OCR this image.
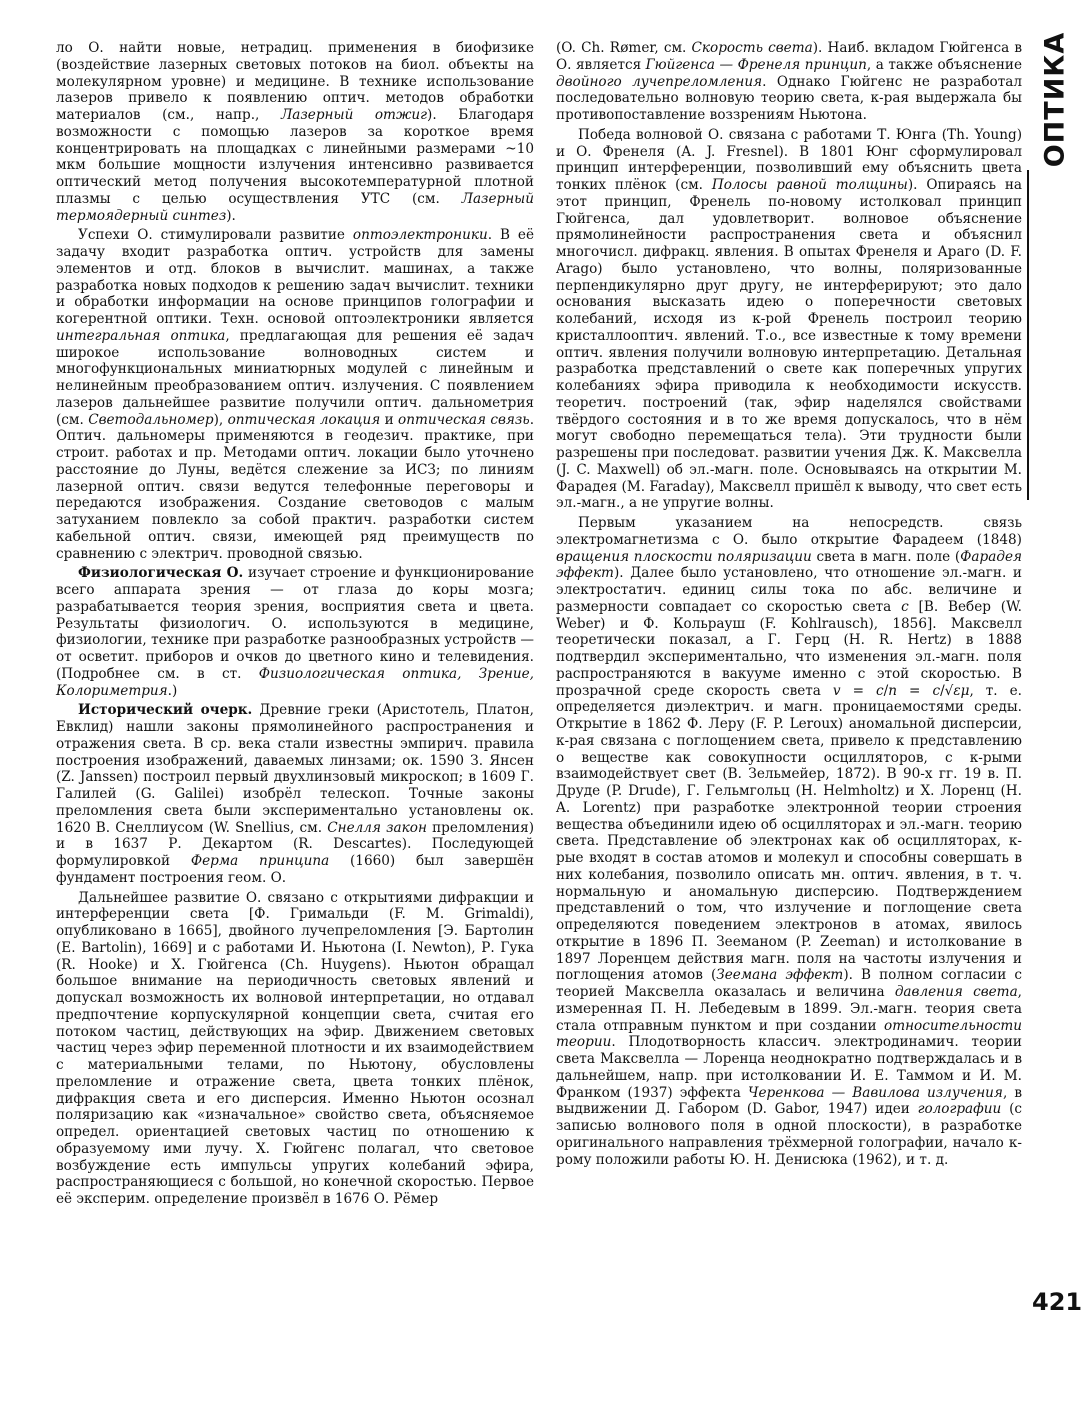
ОПТИКА

ло О. найти новые, нетрадиц. применения в биофизике (воздействие лазерных световых потоков на биол. объекты на молекулярном уровне) и медицине. В технике использование лазеров привело к появлению оптич. методов обработки материалов (см., напр., Лазерный отжиг). Благодаря возможности с помощью лазеров за короткое время концентрировать на площадках с линейными размерами ~10 мкм большие мощности излучения интенсивно развивается оптический метод получения высокотемпературной плотной плазмы с целью осуществления УТС (см. Лазерный термоядерный синтез).

Успехи О. стимулировали развитие оптоэлектроники. В её задачу входит разработка оптич. устройств для замены элементов и отд. блоков в вычислит. машинах, а также разработка новых подходов к решению задач вычислит. техники и обработки информации на основе принципов голографии и когерентной оптики. Техн. основой оптоэлектроники является интегральная оптика, предлагающая для решения её задач широкое использование волноводных систем и многофункциональных миниатюрных модулей с линейным и нелинейным преобразованием оптич. излучения. С появлением лазеров дальнейшее развитие получили оптич. дальнометрия (см. Светодальномер), оптическая локация и оптическая связь. Оптич. дальномеры применяются в геодезич. практике, при строит. работах и пр. Методами оптич. локации было уточнено расстояние до Луны, ведётся слежение за ИСЗ; по линиям лазерной оптич. связи ведутся телефонные переговоры и передаются изображения. Создание световодов с малым затуханием повлекло за собой практич. разработки систем кабельной оптич. связи, имеющей ряд преимуществ по сравнению с электрич. проводной связью.

Физиологическая О. изучает строение и функционирование всего аппарата зрения — от глаза до коры мозга; разрабатывается теория зрения, восприятия света и цвета. Результаты физиологич. О. используются в медицине, физиологии, технике при разработке разнообразных устройств — от осветит. приборов и очков до цветного кино и телевидения. (Подробнее см. в ст. Физиологическая оптика, Зрение, Колориметрия.)

Исторический очерк. Древние греки (Аристотель, Платон, Евклид) нашли законы прямолинейного распространения и отражения света. В ср. века стали известны эмпирич. правила построения изображений, даваемых линзами; ок. 1590 З. Янсен (Z. Janssen) построил первый двухлинзовый микроскоп; в 1609 Г. Галилей (G. Galilei) изобрёл телескоп. Точные законы преломления света были экспериментально установлены ок. 1620 В. Снеллиусом (W. Snellius, см. Снелля закон преломления) и в 1637 Р. Декартом (R. Descartes). Последующей формулировкой Ферма принципа (1660) был завершён фундамент построения геом. О.

Дальнейшее развитие О. связано с открытиями дифракции и интерференции света [Ф. Гримальди (F. M. Grimaldi), опубликовано в 1665], двойного лучепреломления [Э. Бартолин (E. Bartolin), 1669] и с работами И. Ньютона (I. Newton), Р. Гука (R. Hooke) и Х. Гюйгенса (Ch. Huygens). Ньютон обращал большое внимание на периодичность световых явлений и допускал возможность их волновой интерпретации, но отдавал предпочтение корпускулярной концепции света, считая его потоком частиц, действующих на эфир. Движением световых частиц через эфир переменной плотности и их взаимодействием с материальными телами, по Ньютону, обусловлены преломление и отражение света, цвета тонких плёнок, дифракция света и его дисперсия. Именно Ньютон осознал поляризацию как «изначальное» свойство света, объясняемое определ. ориентацией световых частиц по отношению к образуемому ими лучу. Х. Гюйгенс полагал, что световое возбуждение есть импульсы упругих колебаний эфира, распространяющиеся с большой, но конечной скоростью. Первое её эксперим. определение произвёл в 1676 О. Рёмер

(O. Ch. Rømer, см. Скорость света). Наиб. вкладом Гюйгенса в О. является Гюйгенса — Френеля принцип, а также объяснение двойного лучепреломления. Однако Гюйгенс не разработал последовательно волновую теорию света, к-рая выдержала бы противопоставление воззрениям Ньютона.

Победа волновой О. связана с работами Т. Юнга (Th. Young) и О. Френеля (A. J. Fresnel). В 1801 Юнг сформулировал принцип интерференции, позволивший ему объяснить цвета тонких плёнок (см. Полосы равной толщины). Опираясь на этот принцип, Френель по-новому истолковал принцип Гюйгенса, дал удовлетворит. волновое объяснение прямолинейности распространения света и объяснил многочисл. дифракц. явления. В опытах Френеля и Араго (D. F. Arago) было установлено, что волны, поляризованные перпендикулярно друг другу, не интерферируют; это дало основания высказать идею о поперечности световых колебаний, исходя из к-рой Френель построил теорию кристаллооптич. явлений. Т.о., все известные к тому времени оптич. явления получили волновую интерпретацию. Детальная разработка представлений о свете как поперечных упругих колебаниях эфира приводила к необходимости искусств. теоретич. построений (так, эфир наделялся свойствами твёрдого состояния и в то же время допускалось, что в нём могут свободно перемещаться тела). Эти трудности были разрешены при последоват. развитии учения Дж. К. Максвелла (J. C. Maxwell) об эл.-магн. поле. Основываясь на открытии М. Фарадея (M. Faraday), Максвелл пришёл к выводу, что свет есть эл.-магн., а не упругие волны.

Первым указанием на непосредств. связь электромагнетизма с О. было открытие Фарадеем (1848) вращения плоскости поляризации света в магн. поле (Фарадея эффект). Далее было установлено, что отношение эл.-магн. и электростатич. единиц силы тока по абс. величине и размерности совпадает со скоростью света c [В. Вебер (W. Weber) и Ф. Кольрауш (F. Kohlrausch), 1856]. Максвелл теоретически показал, а Г. Герц (H. R. Hertz) в 1888 подтвердил экспериментально, что изменения эл.-магн. поля распространяются в вакууме именно с этой скоростью. В прозрачной среде скорость света v = c/n = c/√εμ, т. е. определяется диэлектрич. и магн. проницаемостями среды. Открытие в 1862 Ф. Леру (F. P. Leroux) аномальной дисперсии, к-рая связана с поглощением света, привело к представлению о веществе как совокупности осцилляторов, с к-рыми взаимодействует свет (В. Зельмейер, 1872). В 90-х гг. 19 в. П. Друде (P. Drude), Г. Гельмгольц (H. Helmholtz) и Х. Лоренц (H. A. Lorentz) при разработке электронной теории строения вещества объединили идею об осцилляторах и эл.-магн. теорию света. Представление об электронах как об осцилляторах, к-рые входят в состав атомов и молекул и способны совершать в них колебания, позволило описать мн. оптич. явления, в т. ч. нормальную и аномальную дисперсию. Подтверждением представлений о том, что излучение и поглощение света определяются поведением электронов в атомах, явилось открытие в 1896 П. Зееманом (P. Zeeman) и истолкование в 1897 Лоренцем действия магн. поля на частоты излучения и поглощения атомов (Зеемана эффект). В полном согласии с теорией Максвелла оказалась и величина давления света, измеренная П. Н. Лебедевым в 1899. Эл.-магн. теория света стала отправным пунктом и при создании относительности теории. Плодотворность классич. электродинамич. теории света Максвелла — Лоренца неоднократно подтверждалась и в дальнейшем, напр. при истолковании И. Е. Таммом и И. М. Франком (1937) эффекта Черенкова — Вавилова излучения, в выдвижении Д. Габором (D. Gabor, 1947) идеи голографии (с записью волнового поля в одной плоскости), в разработке оригинального направления трёхмерной голографии, начало к-рому положили работы Ю. Н. Денисюка (1962), и т. д.

421
